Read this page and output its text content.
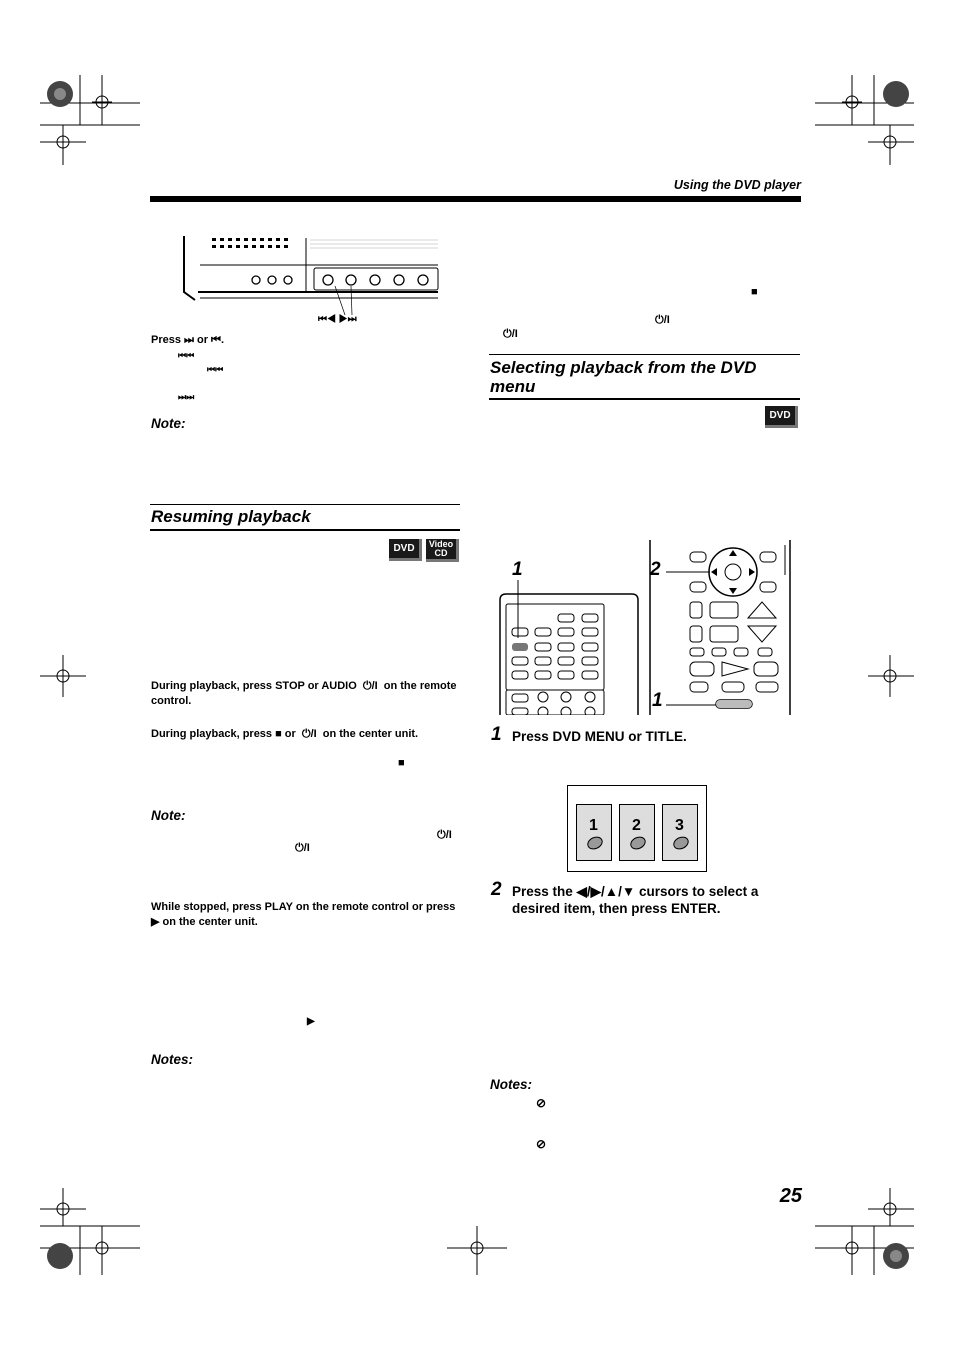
Using the DVD player
⏮◀ ▶⏭
Press ⏭ or ⏮.
⏮⏮
⏮⏮
⏭⏭
Note:
Resuming playback
DVD	Video
CD
During playback, press STOP or AUDIO ⏻/I on the remote control.
During playback, press ■ or ⏻/I on the center unit.
■
Note:
⏻/I
⏻/I
While stopped, press PLAY on the remote control or press
▶ on the center unit.
▶
Notes:
■
⏻/I
⏻/I
Selecting playback from the DVD
menu
DVD
1	2
1
1 Press DVD MENU or TITLE.
1 2 3
2 Press the ◀/▶/▲/▼ cursors to select a
desired item, then press ENTER.
Notes:
⊘
⊘
25
